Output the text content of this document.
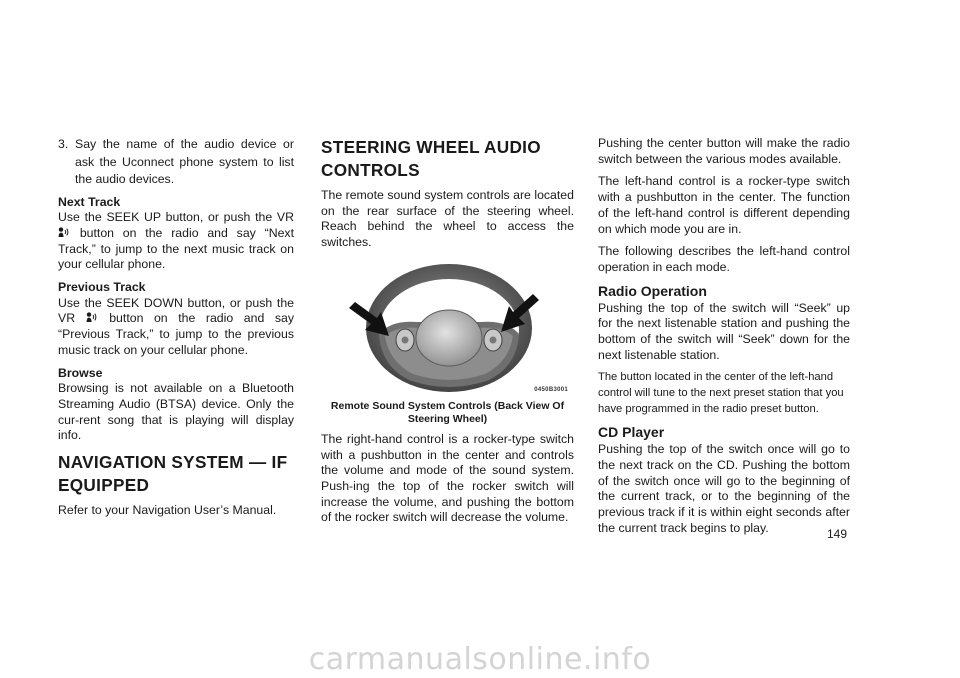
3. Say the name of the audio device or ask the Uconnect phone system to list the audio devices.
Next Track

Use the SEEK UP button, or push the VR  button on the radio and say “Next Track,” to jump to the next music track on your cellular phone.

Previous Track

Use the SEEK DOWN button, or push the VR	button on the radio and say “Previous Track,” to jump to the previous music track on your cellular phone.

Browse

Browsing is not available on a Bluetooth Streaming Audio (BTSA) device. Only the cur-rent song that is playing will display info.

NAVIGATION SYSTEM — IF EQUIPPED

Refer to your Navigation User’s Manual.

STEERING WHEEL AUDIO CONTROLS

The remote sound system controls are located on the rear surface of the steering wheel. Reach behind the wheel to access the switches.

0450B3001
Remote Sound System Controls (Back View Of Steering Wheel)

The right-hand control is a rocker-type switch with a pushbutton in the center and controls the volume and mode of the sound system. Push-ing the top of the rocker switch will increase the volume, and pushing the bottom of the rocker switch will decrease the volume.

Pushing the center button will make the radio switch between the various modes available.

The left-hand control is a rocker-type switch with a pushbutton in the center. The function of the left-hand control is different depending on which mode you are in.

The following describes the left-hand control operation in each mode.

Radio Operation

Pushing the top of the switch will “Seek” up for the next listenable station and pushing the bottom of the switch will “Seek” down for the next listenable station.

The button located in the center of the left-hand control will tune to the next preset station that you have programmed in the radio preset button.

CD Player

Pushing the top of the switch once will go to the next track on the CD. Pushing the bottom of the switch once will go to the beginning of the current track, or to the beginning of the previous track if it is within eight seconds after the current track begins to play.	149
carmanualsonline.info
